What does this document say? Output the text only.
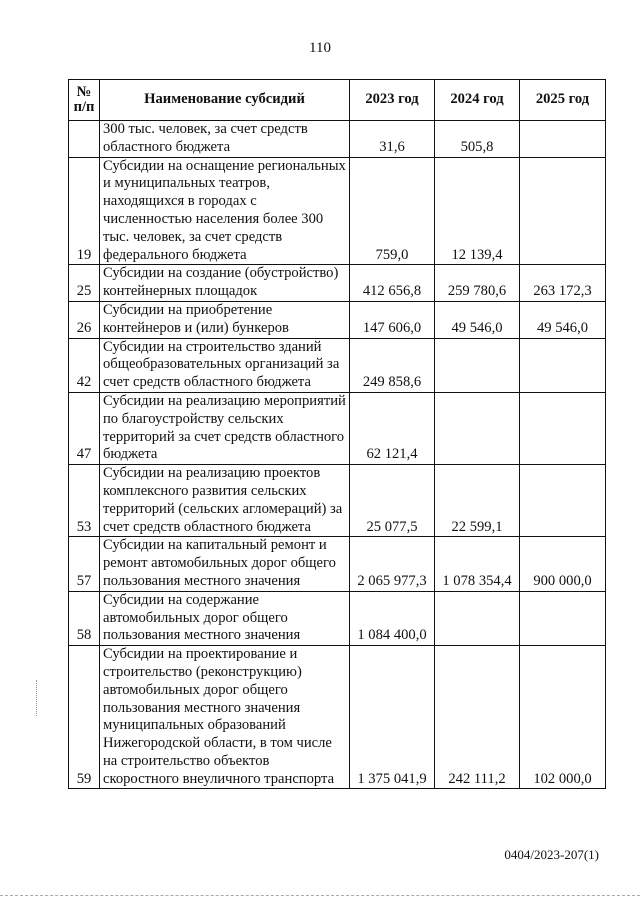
110
№ п/п	Наименование субсидий	2023 год	2024 год	2025 год
	300 тыс. человек, за счет средств областного бюджета	31,6	505,8	
19	Субсидии на оснащение региональных и муниципальных театров, находящихся в городах с численностью населения более 300 тыс. человек, за счет средств федерального бюджета	759,0	12 139,4	
25	Субсидии на создание (обустройство) контейнерных площадок	412 656,8	259 780,6	263 172,3
26	Субсидии на приобретение контейнеров и (или) бункеров	147 606,0	49 546,0	49 546,0
42	Субсидии на строительство зданий общеобразовательных организаций за счет средств областного бюджета	249 858,6		
47	Субсидии на реализацию мероприятий по благоустройству сельских территорий за счет средств областного бюджета	62 121,4		
53	Субсидии на реализацию проектов комплексного развития сельских территорий (сельских агломераций) за счет средств областного бюджета	25 077,5	22 599,1	
57	Субсидии на капитальный ремонт и ремонт автомобильных дорог общего пользования местного значения	2 065 977,3	1 078 354,4	900 000,0
58	Субсидии на содержание автомобильных дорог общего пользования местного значения	1 084 400,0		
59	Субсидии на проектирование и строительство (реконструкцию) автомобильных дорог общего пользования местного значения муниципальных образований Нижегородской области, в том числе на строительство объектов скоростного внеуличного транспорта	1 375 041,9	242 111,2	102 000,0
0404/2023-207(1)
